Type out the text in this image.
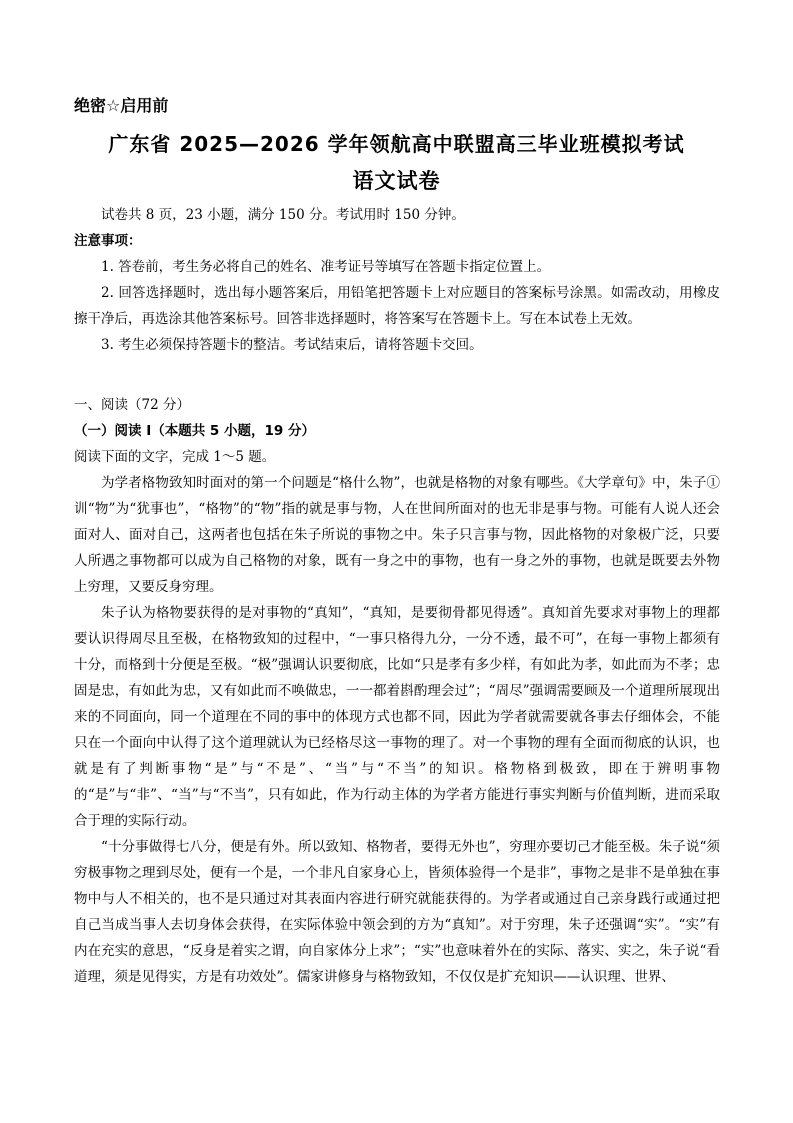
绝密☆启用前
广东省 2025—2026 学年领航高中联盟高三毕业班模拟考试
语文试卷

试卷共 8 页，23 小题，满分 150 分。考试用时 150 分钟。

注意事项：

1. 答卷前，考生务必将自己的姓名、准考证号等填写在答题卡指定位置上。

2. 回答选择题时，选出每小题答案后，用铅笔把答题卡上对应题目的答案标号涂黑。如需改动，用橡皮擦干净后，再选涂其他答案标号。回答非选择题时，将答案写在答题卡上。写在本试卷上无效。

3. 考生必须保持答题卡的整洁。考试结束后，请将答题卡交回。

一、阅读（72 分）

（一）阅读 I（本题共 5 小题，19 分）

阅读下面的文字，完成 1～5 题。

为学者格物致知时面对的第一个问题是“格什么物”，也就是格物的对象有哪些。《大学章句》中，朱子①训“物”为“犹事也”，“格物”的“物”指的就是事与物，人在世间所面对的也无非是事与物。可能有人说人还会面对人、面对自己，这两者也包括在朱子所说的事物之中。朱子只言事与物，因此格物的对象极广泛，只要人所遇之事物都可以成为自己格物的对象，既有一身之中的事物，也有一身之外的事物，也就是既要去外物上穷理，又要反身穷理。

朱子认为格物要获得的是对事物的“真知”，“真知，是要彻骨都见得透”。真知首先要求对事物上的理都要认识得周尽且至极，在格物致知的过程中，“一事只格得九分，一分不透，最不可”，在每一事物上都须有十分，而格到十分便是至极。“极”强调认识要彻底，比如“只是孝有多少样，有如此为孝，如此而为不孝；忠固是忠，有如此为忠，又有如此而不唤做忠，一一都着斟酌理会过”；“周尽”强调需要顾及一个道理所展现出来的不同面向，同一个道理在不同的事中的体现方式也都不同，因此为学者就需要就各事去仔细体会，不能只在一个面向中认得了这个道理就认为已经格尽这一事物的理了。对一个事物的理有全面而彻底的认识，也就是有了判断事物“是”与“不是”、“当”与“不当”的知识。格物格到极致，即在于辨明事物的“是”与“非”、“当”与“不当”，只有如此，作为行动主体的为学者方能进行事实判断与价值判断，进而采取合于理的实际行动。

“十分事做得七八分，便是有外。所以致知、格物者，要得无外也”，穷理亦要切己才能至极。朱子说“须穷极事物之理到尽处，便有一个是，一个非凡自家身心上，皆须体验得一个是非”，事物之是非不是单独在事物中与人不相关的，也不是只通过对其表面内容进行研究就能获得的。为学者或通过自己亲身践行或通过把自己当成当事人去切身体会获得，在实际体验中领会到的方为“真知”。对于穷理，朱子还强调“实”。“实”有内在充实的意思，“反身是着实之谓，向自家体分上求”；“实”也意味着外在的实际、落实、实之，朱子说“看道理，须是见得实，方是有功效处”。儒家讲修身与格物致知，不仅仅是扩充知识——认识理、世界、
